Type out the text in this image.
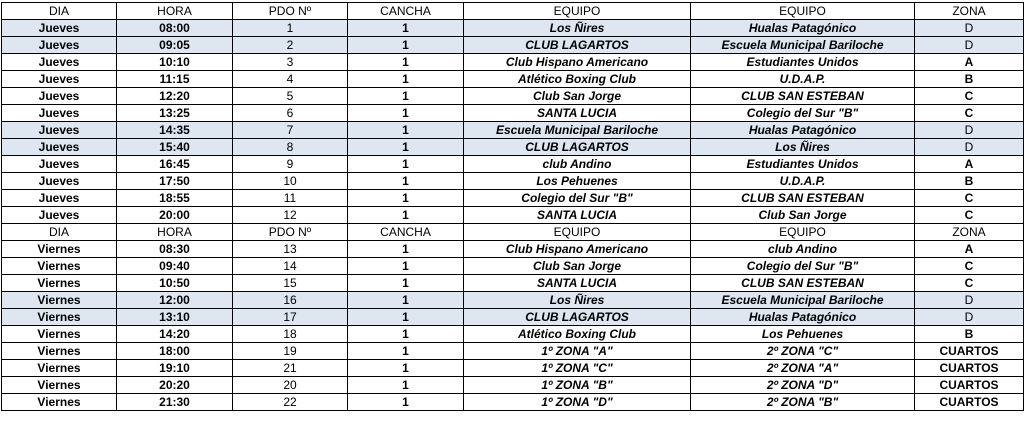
DIA	HORA	PDO Nº	CANCHA	EQUIPO	EQUIPO	ZONA
Jueves	08:00	1	1	Los Ñires	Hualas Patagónico	D
Jueves	09:05	2	1	CLUB LAGARTOS	Escuela Municipal Bariloche	D
Jueves	10:10	3	1	Club Hispano Americano	Estudiantes Unidos	A
Jueves	11:15	4	1	Atlético Boxing Club	U.D.A.P.	B
Jueves	12:20	5	1	Club San Jorge	CLUB SAN ESTEBAN	C
Jueves	13:25	6	1	SANTA LUCIA	Colegio del Sur "B"	C
Jueves	14:35	7	1	Escuela Municipal Bariloche	Hualas Patagónico	D
Jueves	15:40	8	1	CLUB LAGARTOS	Los Ñires	D
Jueves	16:45	9	1	club Andino	Estudiantes Unidos	A
Jueves	17:50	10	1	Los Pehuenes	U.D.A.P.	B
Jueves	18:55	11	1	Colegio del Sur "B"	CLUB SAN ESTEBAN	C
Jueves	20:00	12	1	SANTA LUCIA	Club San Jorge	C
DIA	HORA	PDO Nº	CANCHA	EQUIPO	EQUIPO	ZONA
Viernes	08:30	13	1	Club Hispano Americano	club Andino	A
Viernes	09:40	14	1	Club San Jorge	Colegio del Sur "B"	C
Viernes	10:50	15	1	SANTA LUCIA	CLUB SAN ESTEBAN	C
Viernes	12:00	16	1	Los Ñires	Escuela Municipal Bariloche	D
Viernes	13:10	17	1	CLUB LAGARTOS	Hualas Patagónico	D
Viernes	14:20	18	1	Atlético Boxing Club	Los Pehuenes	B
Viernes	18:00	19	1	1º ZONA "A"	2º ZONA "C"	CUARTOS
Viernes	19:10	21	1	1º ZONA "C"	2º ZONA "A"	CUARTOS
Viernes	20:20	20	1	1º ZONA "B"	2º ZONA "D"	CUARTOS
Viernes	21:30	22	1	1º ZONA "D"	2º ZONA "B"	CUARTOS
